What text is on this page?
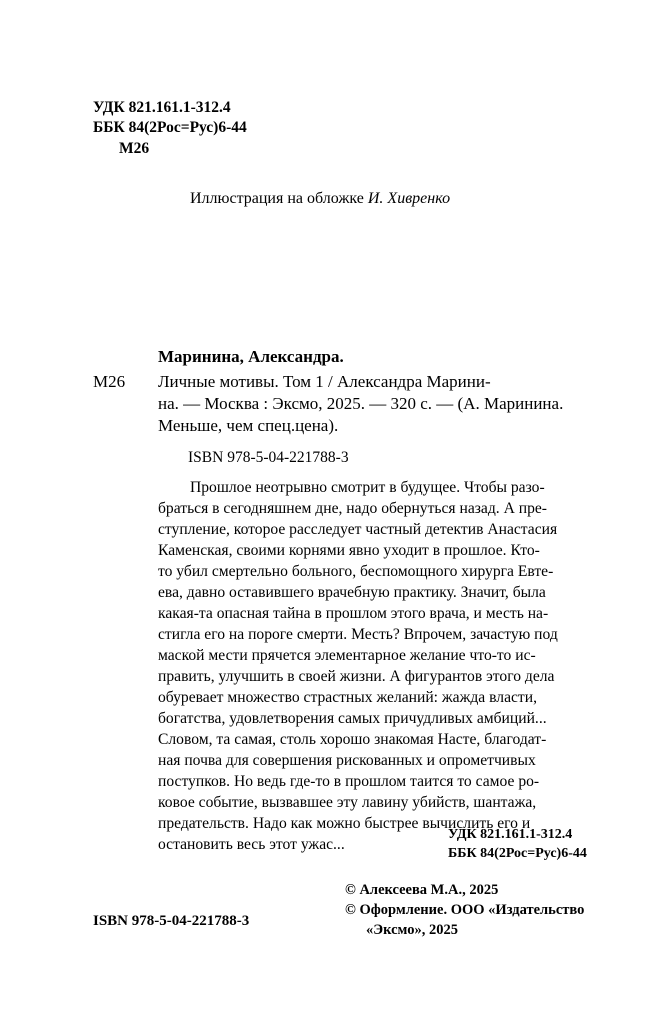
УДК 821.161.1-312.4
ББК 84(2Рос=Рус)6-44
М26
Иллюстрация на обложке И. Хивренко
Маринина, Александра.
М26 Личные мотивы. Том 1 / Александра Марини-
на. — Москва : Эксмо, 2025. — 320 с. — (А. Маринина.
Меньше, чем спец.цена).
ISBN 978-5-04-221788-3
Прошлое неотрывно смотрит в будущее. Чтобы разо-
браться в сегодняшнем дне, надо обернуться назад. А пре-
ступление, которое расследует частный детектив Анастасия
Каменская, своими корнями явно уходит в прошлое. Кто-
то убил смертельно больного, беспомощного хирурга Евте-
ева, давно оставившего врачебную практику. Значит, была
какая-та опасная тайна в прошлом этого врача, и месть на-
стигла его на пороге смерти. Месть? Впрочем, зачастую под
маской мести прячется элементарное желание что-то ис-
править, улучшить в своей жизни. А фигурантов этого дела
обуревает множество страстных желаний: жажда власти,
богатства, удовлетворения самых причудливых амбиций...
Словом, та самая, столь хорошо знакомая Насте, благодат-
ная почва для совершения рискованных и опрометчивых
поступков. Но ведь где-то в прошлом таится то самое ро-
ковое событие, вызвавшее эту лавину убийств, шантажа,
предательств. Надо как можно быстрее вычислить его и
остановить весь этот ужас...
УДК 821.161.1-312.4
ББК 84(2Рос=Рус)6-44
© Алексеева М.А., 2025
© Оформление. ООО «Издательство
«Эксмо», 2025
ISBN 978-5-04-221788-3
